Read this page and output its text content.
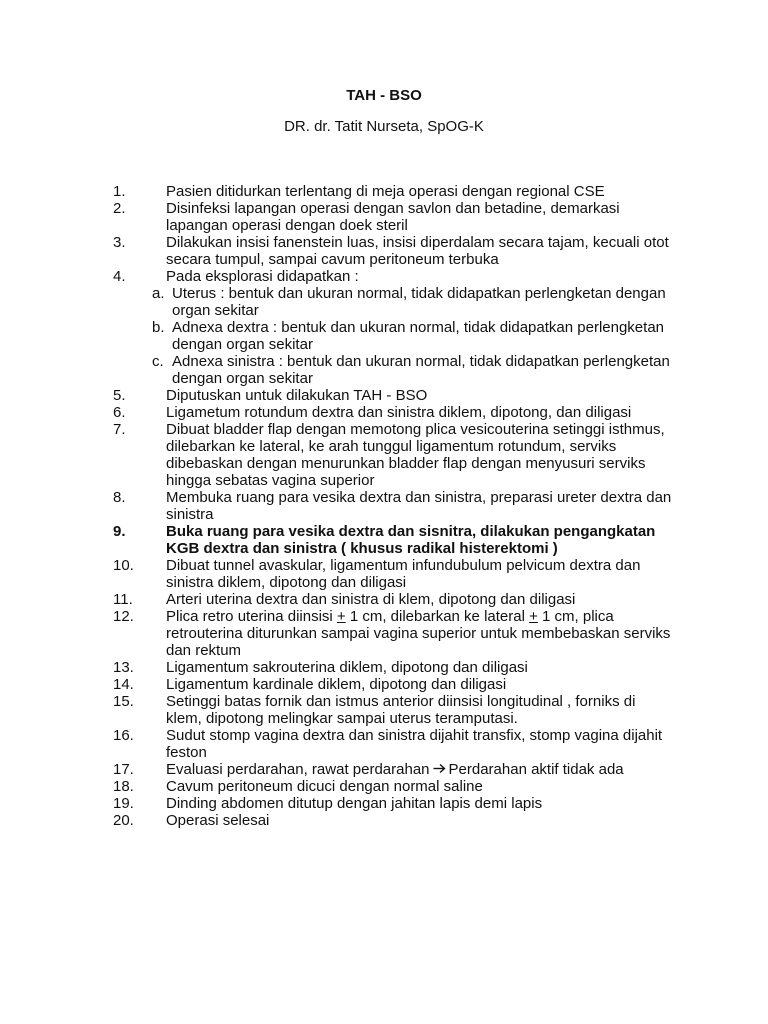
TAH - BSO
DR. dr. Tatit Nurseta, SpOG-K
1.	Pasien ditidurkan terlentang di meja operasi dengan regional CSE
2.	Disinfeksi lapangan operasi dengan savlon dan betadine, demarkasi lapangan operasi dengan doek steril
3.	Dilakukan insisi fanenstein luas, insisi diperdalam secara tajam, kecuali otot secara tumpul, sampai cavum peritoneum terbuka
4.	Pada eksplorasi didapatkan :
a. Uterus : bentuk dan ukuran normal, tidak didapatkan perlengketan dengan organ sekitar
b. Adnexa dextra : bentuk dan ukuran normal, tidak didapatkan perlengketan dengan organ sekitar
c. Adnexa sinistra : bentuk dan ukuran normal, tidak didapatkan perlengketan dengan organ sekitar
5.	Diputuskan untuk dilakukan TAH - BSO
6.	Ligametum rotundum dextra dan sinistra diklem, dipotong, dan diligasi
7.	Dibuat bladder flap dengan memotong plica vesicouterina setinggi isthmus, dilebarkan ke lateral, ke arah tunggul ligamentum rotundum, serviks dibebaskan dengan menurunkan bladder flap dengan menyusuri serviks hingga sebatas vagina superior
8.	Membuka ruang para vesika dextra dan sinistra, preparasi ureter dextra dan sinistra
9.	Buka ruang para vesika dextra dan sisnitra, dilakukan pengangkatan KGB dextra dan sinistra ( khusus radikal histerektomi )
10.	Dibuat tunnel avaskular, ligamentum infundubulum pelvicum dextra dan sinistra diklem, dipotong dan diligasi
11.	Arteri uterina dextra dan sinistra di klem, dipotong dan diligasi
12.	Plica retro uterina diinsisi + 1 cm, dilebarkan ke lateral + 1 cm, plica retrouterina diturunkan sampai vagina superior untuk membebaskan serviks dan rektum
13.	Ligamentum sakrouterina diklem, dipotong dan diligasi
14.	Ligamentum kardinale diklem, dipotong dan diligasi
15.	Setinggi batas fornik dan istmus anterior diinsisi longitudinal , forniks di klem, dipotong melingkar sampai uterus teramputasi.
16.	Sudut stomp vagina dextra dan sinistra dijahit transfix, stomp vagina dijahit feston
17.	Evaluasi perdarahan, rawat perdarahan Perdarahan aktif tidak ada
18.	Cavum peritoneum dicuci dengan normal saline
19.	Dinding abdomen ditutup dengan jahitan lapis demi lapis
20.	Operasi selesai
